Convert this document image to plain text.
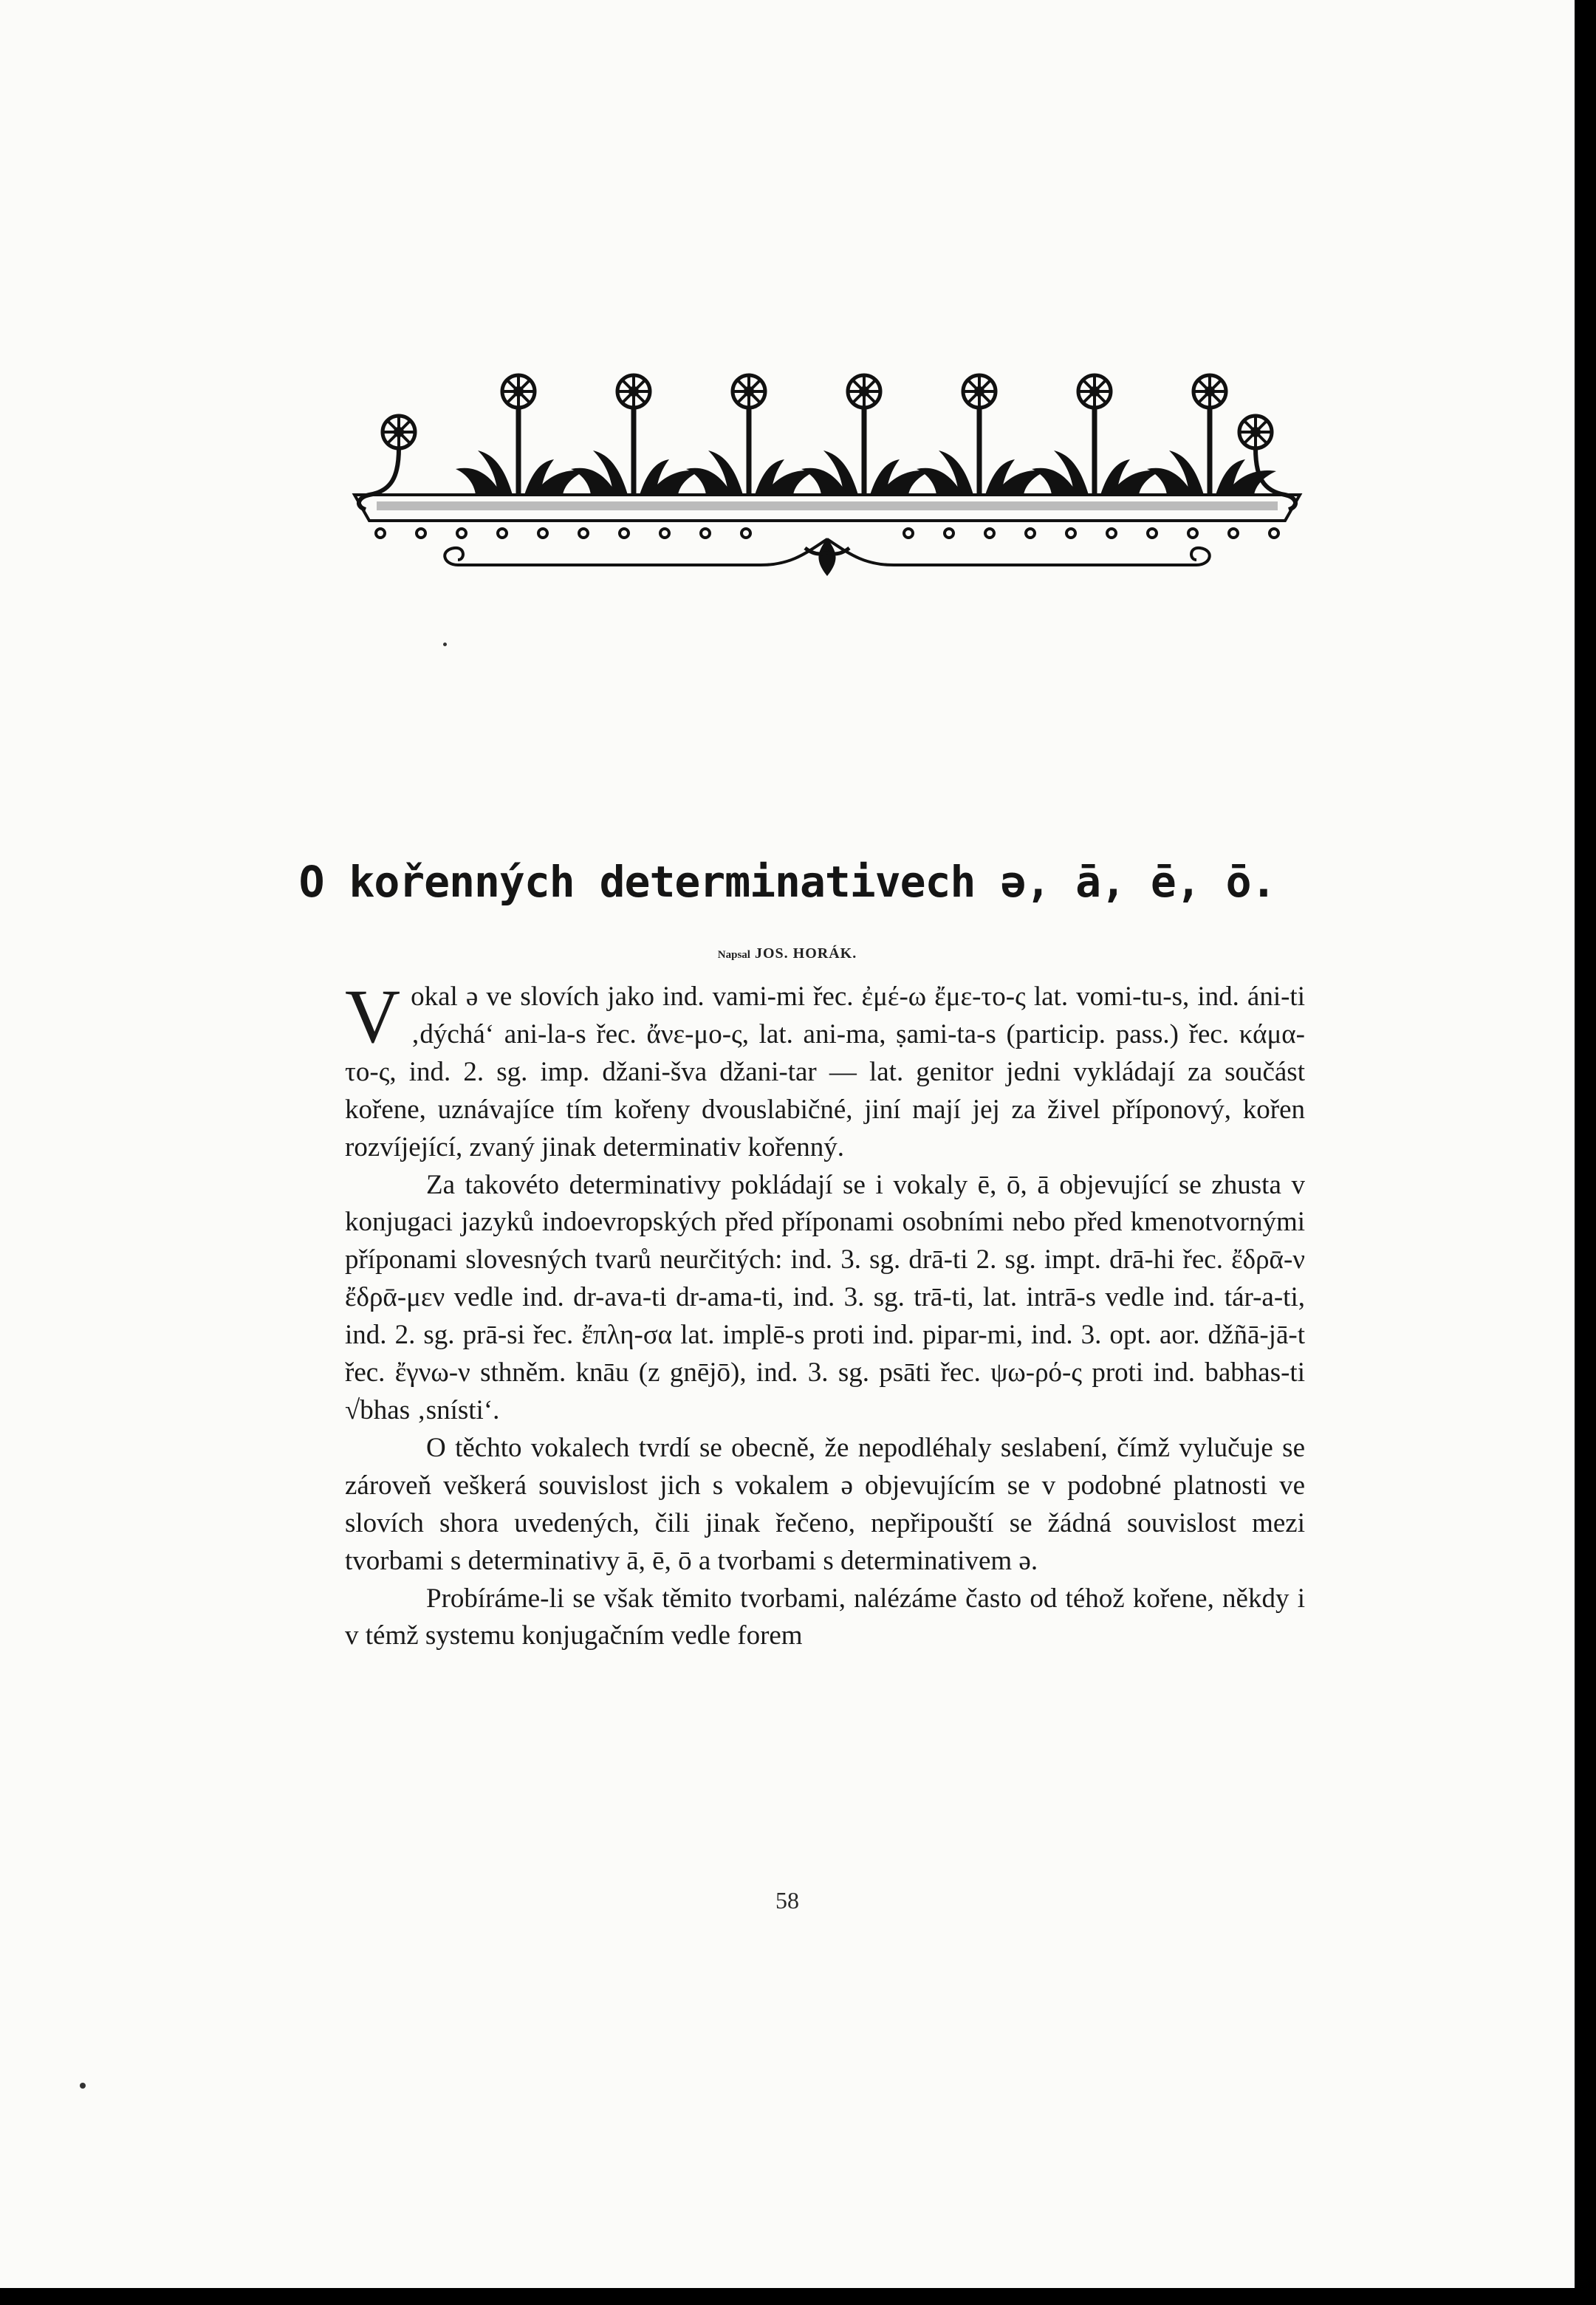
O kořenných determinativech ə, ā, ē, ō.
Napsal JOS. HORÁK.

Vokal ə ve slovích jako ind. vami-mi řec. ἐμέ-ω ἔμε-το-ς lat. vomi-tu-s, ind. áni-ti ‚dýchá‘ ani-la-s řec. ἄνε-μο-ς, lat. ani-ma, ṣami-ta-s (particip. pass.) řec. κάμα-το-ς, ind. 2. sg. imp. džani-šva džani-tar — lat. genitor jedni vykládají za součást kořene, uznávajíce tím kořeny dvouslabičné, jiní mají jej za živel příponový, kořen rozvíjející, zvaný jinak determinativ kořenný.

Za takovéto determinativy pokládají se i vokaly ē, ō, ā objevující se zhusta v konjugaci jazyků indoevropských před příponami osobními nebo před kmenotvornými příponami slovesných tvarů neurčitých: ind. 3. sg. drā-ti 2. sg. impt. drā-hi řec. ἔδρᾱ-ν ἔδρᾱ-μεν vedle ind. dr-ava-ti dr-ama-ti, ind. 3. sg. trā-ti, lat. intrā-s vedle ind. tár-a-ti, ind. 2. sg. prā-si řec. ἔπλη-σα lat. implē-s proti ind. pipar-mi, ind. 3. opt. aor. džñā-jā-t řec. ἔγνω-ν sthněm. knāu (z gnējō), ind. 3. sg. psāti řec. ψω-ρό-ς proti ind. babhas-ti √bhas ‚snísti‘.

O těchto vokalech tvrdí se obecně, že nepodléhaly seslabení, čímž vylučuje se zároveň veškerá souvislost jich s vokalem ə objevujícím se v podobné platnosti ve slovích shora uvedených, čili jinak řečeno, nepřipouští se žádná souvislost mezi tvorbami s determinativy ā, ē, ō a tvorbami s determinativem ə.

Probíráme-li se však těmito tvorbami, nalézáme často od téhož kořene, někdy i v témž systemu konjugačním vedle forem

58
